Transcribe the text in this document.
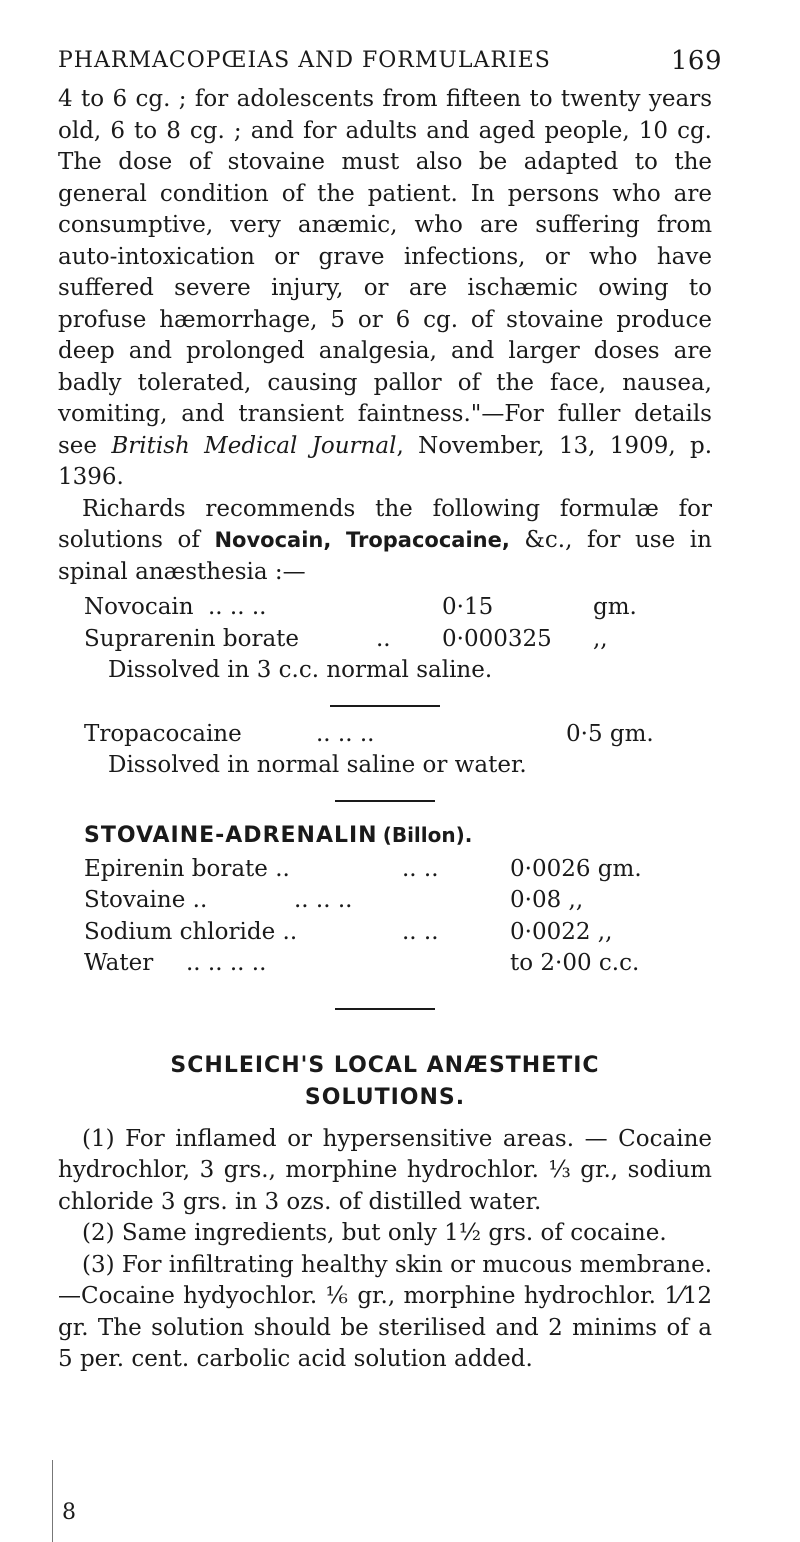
PHARMACOPŒIAS AND FORMULARIES	169

4 to 6 cg. ; for adolescents from fifteen to twenty years old, 6 to 8 cg. ; and for adults and aged people, 10 cg. The dose of stovaine must also be adapted to the general condition of the patient. In persons who are consumptive, very anæmic, who are suffering from auto-intoxication or grave infections, or who have suffered severe injury, or are ischæmic owing to profuse hæmorrhage, 5 or 6 cg. of stovaine produce deep and prolonged analgesia, and larger doses are badly tolerated, causing pallor of the face, nausea, vomiting, and transient faintness."—For fuller details see British Medical Journal, November, 13, 1909, p. 1396.

Richards recommends the following formulæ for solutions of Novocain, Tropacocaine, &c., for use in spinal anæsthesia :—

Novocain .. .. ..	0·15	gm.
Suprarenin borate	.. 0·000325 ,,
Dissolved in 3 c.c. normal saline.
Tropacocaine	.. .. ..	0·5 gm.
Dissolved in normal saline or water.
STOVAINE-ADRENALIN (Billon).
Epirenin borate ..	.. ..	0·0026 gm.
Stovaine ..	.. .. ..	0·08 ,,
Sodium chloride ..	.. ..	0·0022 ,,
Water .. .. .. ..	to 2·00 c.c.
SCHLEICH'S LOCAL ANÆSTHETIC
SOLUTIONS.

(1) For inflamed or hypersensitive areas. — Cocaine hydrochlor, 3 grs., morphine hydrochlor. ⅓ gr., sodium chloride 3 grs. in 3 ozs. of distilled water.

(2) Same ingredients, but only 1½ grs. of cocaine.

(3) For infiltrating healthy skin or mucous membrane.—Cocaine hydyochlor. ⅙ gr., morphine hydrochlor. 1⁄12 gr. The solution should be sterilised and 2 minims of a 5 per. cent. carbolic acid solution added.

8
